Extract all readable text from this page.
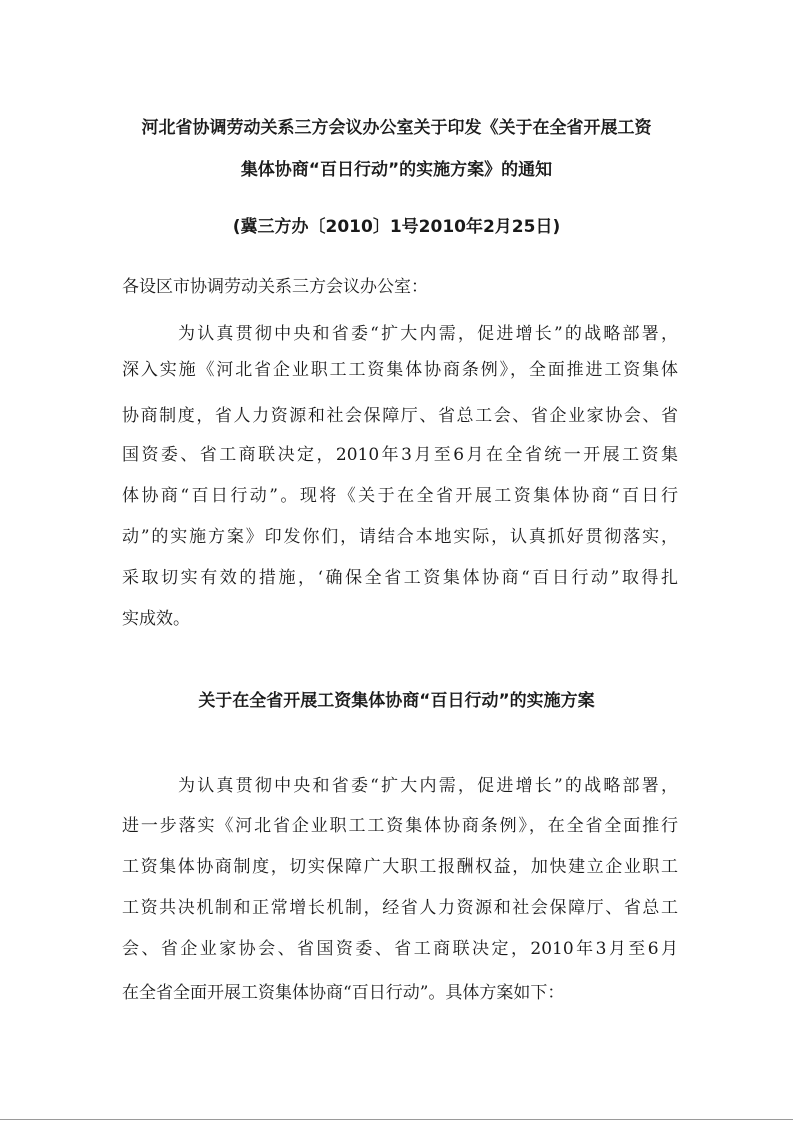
河北省协调劳动关系三方会议办公室关于印发《关于在全省开展工资
集体协商“百日行动”的实施方案》的通知
(冀三方办〔2010〕1号2010年2月25日)
各设区市协调劳动关系三方会议办公室：
为认真贯彻中央和省委“扩大内需，促进增长”的战略部署，
深入实施《河北省企业职工工资集体协商条例》，全面推进工资集体
协商制度，省人力资源和社会保障厅、省总工会、省企业家协会、省
国资委、省工商联决定，2010年3月至6月在全省统一开展工资集
体协商“百日行动”。现将《关于在全省开展工资集体协商“百日行
动”的实施方案》印发你们，请结合本地实际，认真抓好贯彻落实，
采取切实有效的措施，‘确保全省工资集体协商“百日行动”取得扎
实成效。
关于在全省开展工资集体协商“百日行动”的实施方案
为认真贯彻中央和省委“扩大内需，促进增长”的战略部署，
进一步落实《河北省企业职工工资集体协商条例》，在全省全面推行
工资集体协商制度，切实保障广大职工报酬权益，加快建立企业职工
工资共决机制和正常增长机制，经省人力资源和社会保障厅、省总工
会、省企业家协会、省国资委、省工商联决定，2010年3月至6月
在全省全面开展工资集体协商“百日行动”。具体方案如下：
